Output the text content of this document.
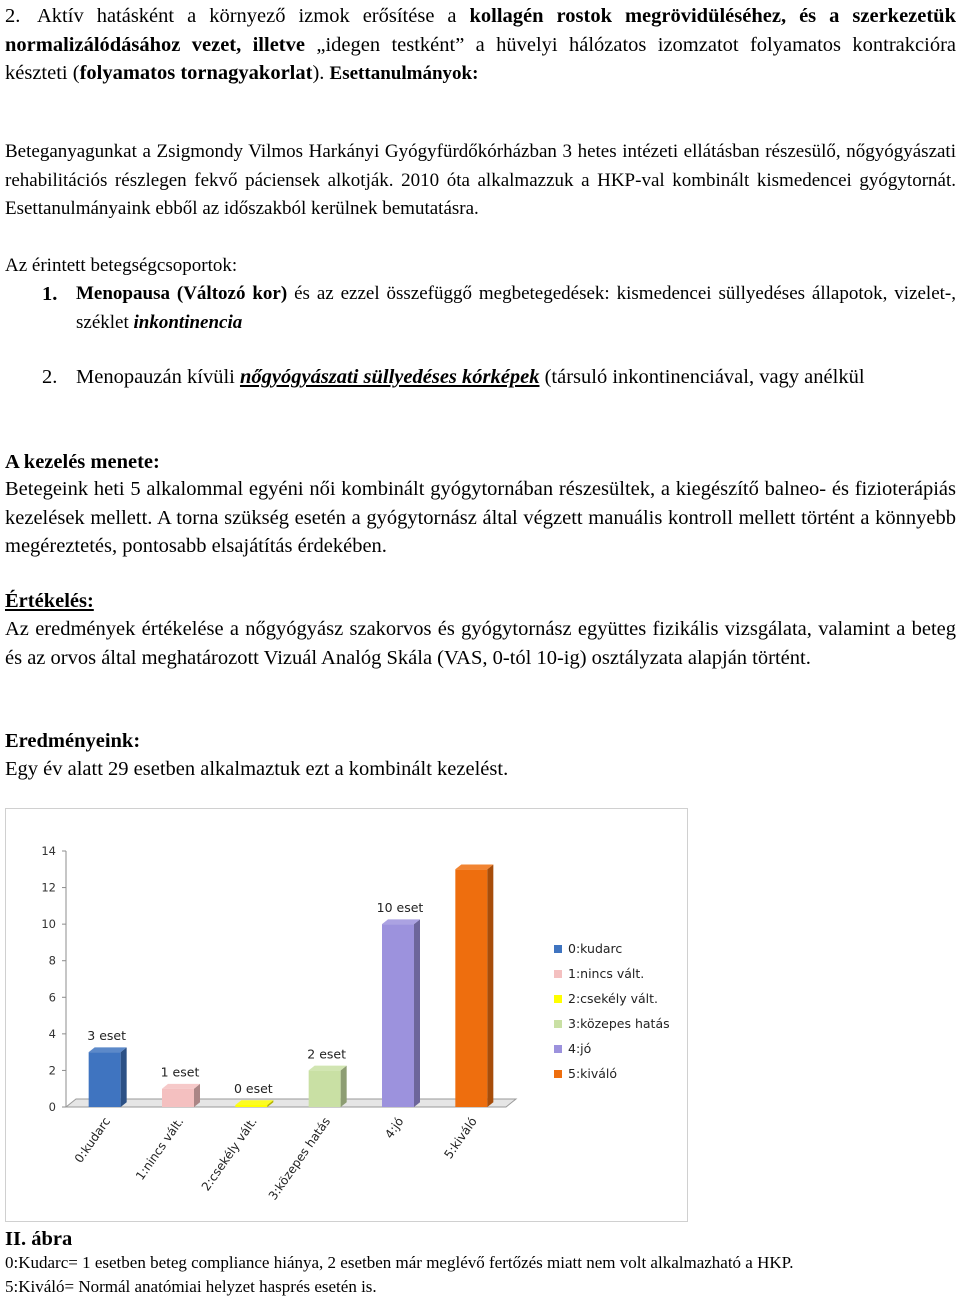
2. Aktív hatásként a környező izmok erősítése a kollagén rostok megrövidüléséhez, és a szerkezetük normalizálódásához vezet, illetve „idegen testként” a hüvelyi hálózatos izomzatot folyamatos kontrakcióra készteti (folyamatos tornagyakorlat). Esettanulmányok:
Beteganyagunkat a Zsigmondy Vilmos Harkányi Gyógyfürdőkórházban 3 hetes intézeti ellátásban részesülő, nőgyógyászati rehabilitációs részlegen fekvő páciensek alkotják. 2010 óta alkalmazzuk a HKP-val kombinált kismedencei gyógytornát. Esettanulmányaink ebből az időszakból kerülnek bemutatásra.
Az érintett betegségcsoportok:
1. Menopausa (Változó kor) és az ezzel összefüggő megbetegedések: kismedencei süllyedéses állapotok, vizelet-, széklet inkontinencia
2. Menopauzán kívüli nőgyógyászati süllyedéses kórképek (társuló inkontinenciával, vagy anélkül
A kezelés menete:
Betegeink heti 5 alkalommal egyéni női kombinált gyógytornában részesültek, a kiegészítő balneo- és fizioterápiás kezelések mellett. A torna szükség esetén a gyógytornász által végzett manuális kontroll mellett történt a könnyebb megéreztetés, pontosabb elsajátítás érdekében.
Értékelés:
Az eredmények értékelése a nőgyógyász szakorvos és gyógytornász együttes fizikális vizsgálata, valamint a beteg és az orvos által meghatározott Vizuál Analóg Skála (VAS, 0-tól 10-ig) osztályzata alapján történt.
Eredményeink:
Egy év alatt 29 esetben alkalmaztuk ezt a kombinált kezelést.
0
2
4
6
8
10
12
14
3 eset
0:kudarc
1 eset
1:nincs vált.
0 eset
2:csekély vált.
2 eset
3:közepes hatás
10 eset
4:jó	5:kiváló
0:kudarc
1:nincs vált.
2:csekély vált.
3:közepes hatás
4:jó
5:kiváló
II. ábra
0:Kudarc= 1 esetben beteg compliance hiánya, 2 esetben már meglévő fertőzés miatt nem volt alkalmazható a HKP.
5:Kiváló= Normál anatómiai helyzet hasprés esetén is.
